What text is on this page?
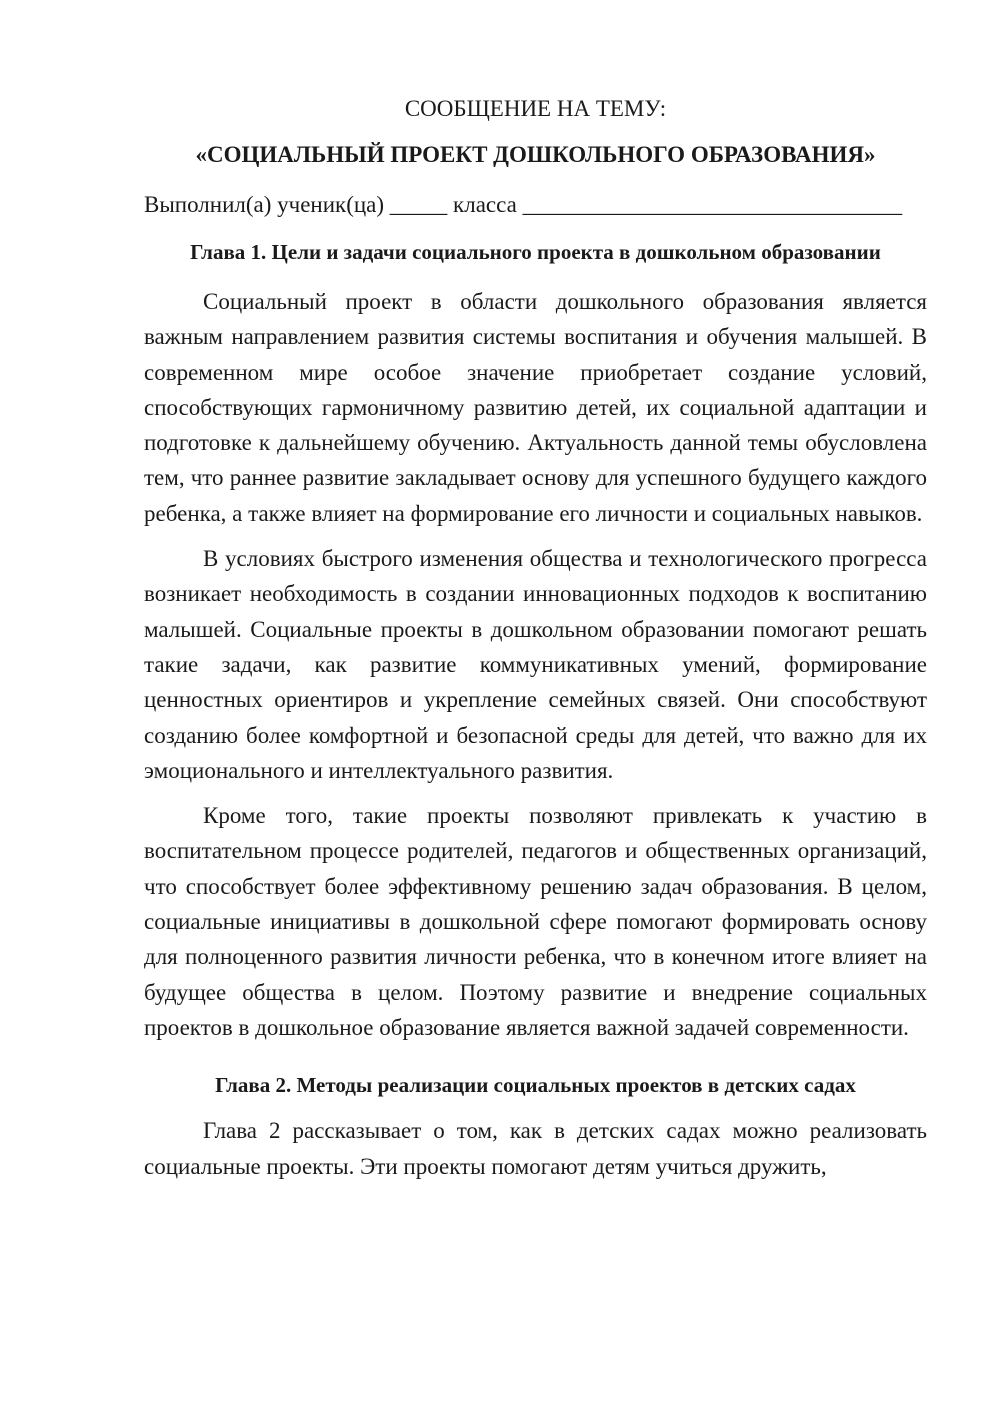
СООБЩЕНИЕ НА ТЕМУ:

«СОЦИАЛЬНЫЙ ПРОЕКТ ДОШКОЛЬНОГО ОБРАЗОВАНИЯ»

Выполнил(а) ученик(ца) _____ класса _________________________________
Глава 1. Цели и задачи социального проекта в дошкольном образовании

Социальный проект в области дошкольного образования является важным направлением развития системы воспитания и обучения малышей. В современном мире особое значение приобретает создание условий, способствующих гармоничному развитию детей, их социальной адаптации и подготовке к дальнейшему обучению. Актуальность данной темы обусловлена тем, что раннее развитие закладывает основу для успешного будущего каждого ребенка, а также влияет на формирование его личности и социальных навыков.

В условиях быстрого изменения общества и технологического прогресса возникает необходимость в создании инновационных подходов к воспитанию малышей. Социальные проекты в дошкольном образовании помогают решать такие задачи, как развитие коммуникативных умений, формирование ценностных ориентиров и укрепление семейных связей. Они способствуют созданию более комфортной и безопасной среды для детей, что важно для их эмоционального и интеллектуального развития.

Кроме того, такие проекты позволяют привлекать к участию в воспитательном процессе родителей, педагогов и общественных организаций, что способствует более эффективному решению задач образования. В целом, социальные инициативы в дошкольной сфере помогают формировать основу для полноценного развития личности ребенка, что в конечном итоге влияет на будущее общества в целом. Поэтому развитие и внедрение социальных проектов в дошкольное образование является важной задачей современности.

Глава 2. Методы реализации социальных проектов в детских садах

Глава 2 рассказывает о том, как в детских садах можно реализовать социальные проекты. Эти проекты помогают детям учиться дружить,
